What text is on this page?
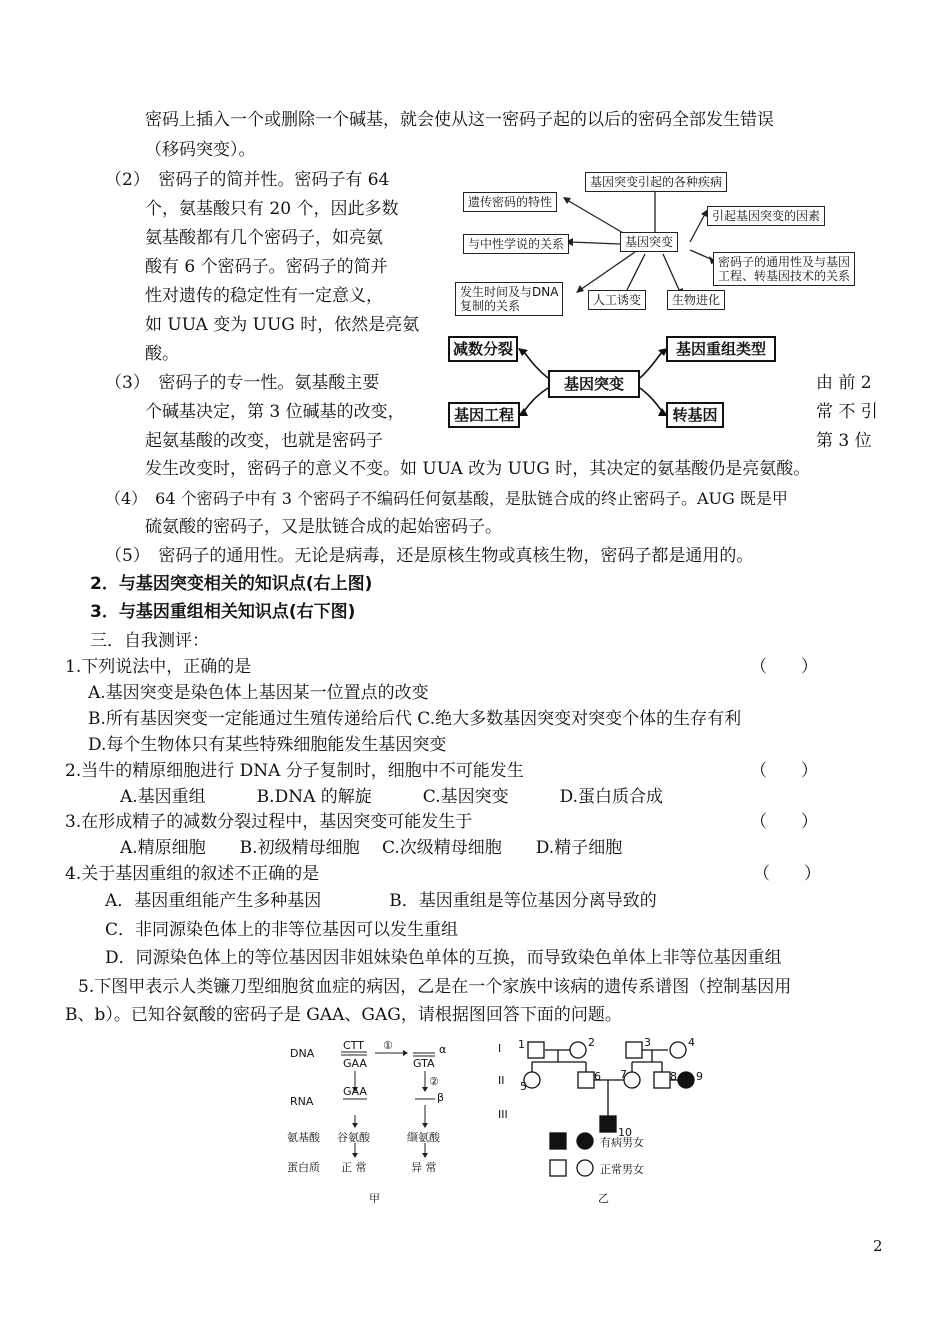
密码上插入一个或删除一个碱基，就会使从这一密码子起的以后的密码全部发生错误
（移码突变）。
（2）　密码子的简并性。密码子有 64
个，氨基酸只有 20 个，因此多数
氨基酸都有几个密码子，如亮氨
酸有 6 个密码子。密码子的简并
性对遗传的稳定性有一定意义，
如 UUA 变为 UUG 时，依然是亮氨
酸。
（3）　密码子的专一性。氨基酸主要
个碱基决定，第 3 位碱基的改变，
起氨基酸的改变，也就是密码子
由 前 2
常 不 引
第 3 位
发生改变时，密码子的意义不变。如 UUA 改为 UUG 时，其决定的氨基酸仍是亮氨酸。
（4）　64 个密码子中有 3 个密码子不编码任何氨基酸，是肽链合成的终止密码子。AUG 既是甲
硫氨酸的密码子，又是肽链合成的起始密码子。
（5）　密码子的通用性。无论是病毒，还是原核生物或真核生物，密码子都是通用的。
2．与基因突变相关的知识点(右上图)
3．与基因重组相关知识点(右下图)
三．自我测评：
1.下列说法中，正确的是	（　　）
A.基因突变是染色体上基因某一位置点的改变
B.所有基因突变一定能通过生殖传递给后代 C.绝大多数基因突变对突变个体的生存有利
D.每个生物体只有某些特殊细胞能发生基因突变
2.当牛的精原细胞进行 DNA 分子复制时，细胞中不可能发生	（　　）
A.基因重组　　　B.DNA 的解旋　　　C.基因突变　　　D.蛋白质合成
3.在形成精子的减数分裂过程中，基因突变可能发生于	（　　）
A.精原细胞　　B.初级精母细胞　 C.次级精母细胞　　D.精子细胞
4.关于基因重组的叙述不正确的是	（　　）
A．基因重组能产生多种基因　　　　B．基因重组是等位基因分离导致的
C．非同源染色体上的非等位基因可以发生重组
D．同源染色体上的等位基因因非姐妹染色单体的互换，而导致染色单体上非等位基因重组
5.下图甲表示人类镰刀型细胞贫血症的病因，乙是在一个家族中该病的遗传系谱图（控制基因用
B、b）。已知谷氨酸的密码子是 GAA、GAG，请根据图回答下面的问题。
2
基因突变
基因突变引起的各种疾病
遗传密码的特性
与中性学说的关系
发生时间及与DNA
复制的关系	人工诱变	生物进化
引起基因突变的因素
密码子的通用性及与基因
工程、转基因技术的关系
减数分裂	基因重组类型
基因突变
基因工程	转基因
DNA
CTT
GAA
①
GTA
α
②
RNA
GAA	β
氨基酸 谷氨酸	缬氨酸
蛋白质 正 常	异 常
甲
I
II
III
1	2	3	4
5
6 7	8 9
10
有病男女
正常男女
乙
